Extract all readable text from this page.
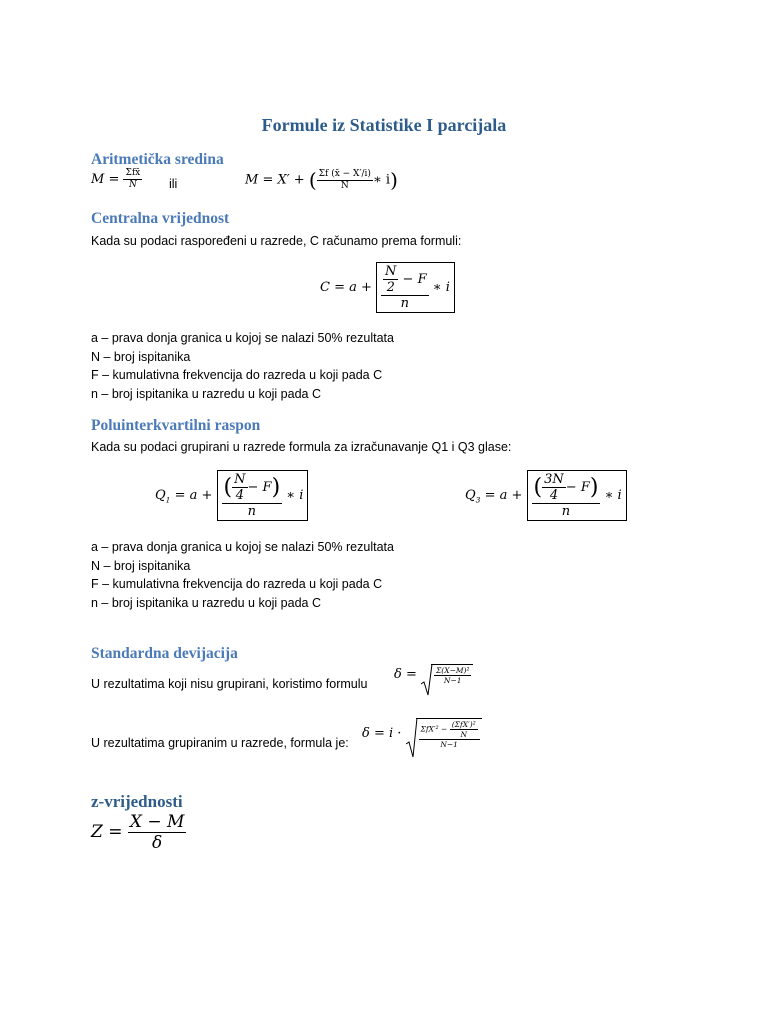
Formule iz Statistike I parcijala
Aritmetička sredina
$M = \frac{\text{Σfx̄}}{N}$ ili	M = X′ + ( $\frac{\Sigma f (x̄ - X'/i)}{N}$ ∗ i)
Centralna vrijednost
Kada su podaci raspoređeni u razrede, C računamo prema formuli:
$C = a + \frac{\frac{N}{2} - F}{n}$ ∗ i
a – prava donja granica u kojoj se nalazi 50% rezultata
N – broj ispitanika
F – kumulativna frekvencija do razreda u koji pada C
n – broj ispitanika u razredu u koji pada C
Poluinterkvartilni raspon
Kada su podaci grupirani u razrede formula za izračunavanje Q1 i Q3 glase:
$Q_1 = a + \frac{( \frac{N}{4} - F)}{n}$ ∗ i	$Q_3 = a + \frac{( \frac{3N}{4} - F)}{n}$ ∗ i
a – prava donja granica u kojoj se nalazi 50% rezultata
N – broj ispitanika
F – kumulativna frekvencija do razreda u koji pada C
n – broj ispitanika u razredu u koji pada C
Standardna devijacija
U rezultatima koji nisu grupirani, koristimo formulu
$\delta = \frac{\text{Σ(X−M)²}}{N-1}$
U rezultatima grupiranim u razrede, formula je:
$\delta = i \cdot \frac{\Sigma fX'^2 - \frac{\text{(ΣfX′)²}}{N}}{N-1}$
z-vrijednosti
$Z = \frac{X - M}{\delta}$
